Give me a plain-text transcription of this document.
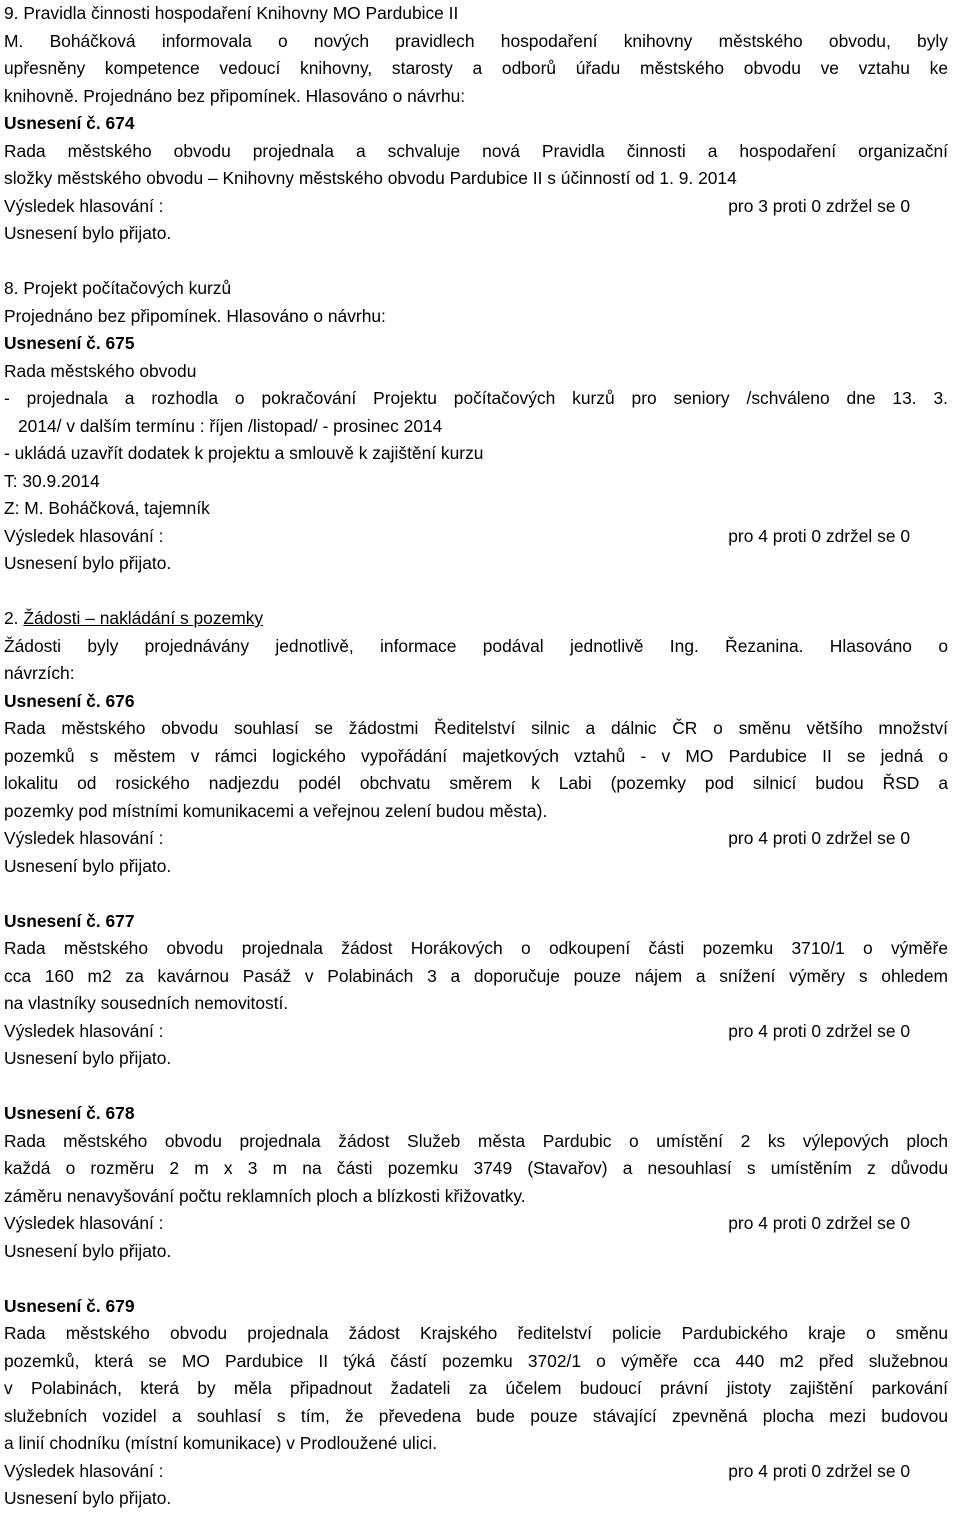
9. Pravidla činnosti hospodaření Knihovny MO Pardubice II
M. Boháčková informovala o nových pravidlech hospodaření knihovny městského obvodu, byly
upřesněny kompetence vedoucí knihovny, starosty a odborů úřadu městského obvodu ve vztahu ke
knihovně. Projednáno bez připomínek. Hlasováno o návrhu:
Usnesení č. 674
Rada městského obvodu projednala a schvaluje nová Pravidla činnosti a hospodaření organizační
složky městského obvodu – Knihovny městského obvodu Pardubice II s účinností od 1. 9. 2014
Výsledek hlasování :	pro 3 proti 0 zdržel se 0
Usnesení bylo přijato.
8. Projekt počítačových kurzů
Projednáno bez připomínek. Hlasováno o návrhu:
Usnesení č. 675
Rada městského obvodu
- projednala a rozhodla o pokračování Projektu počítačových kurzů pro seniory /schváleno dne 13. 3.
2014/ v dalším termínu : říjen /listopad/ - prosinec 2014
- ukládá uzavřít dodatek k projektu a smlouvě k zajištění kurzu
T: 30.9.2014
Z: M. Boháčková, tajemník
Výsledek hlasování :	pro 4 proti 0 zdržel se 0
Usnesení bylo přijato.
2. Žádosti – nakládání s pozemky
Žádosti byly projednávány jednotlivě, informace podával jednotlivě Ing. Řezanina. Hlasováno o
návrzích:
Usnesení č. 676
Rada městského obvodu souhlasí se žádostmi Ředitelství silnic a dálnic ČR o směnu většího množství
pozemků s městem v rámci logického vypořádání majetkových vztahů - v MO Pardubice II se jedná o
lokalitu od rosického nadjezdu podél obchvatu směrem k Labi (pozemky pod silnicí budou ŘSD a
pozemky pod místními komunikacemi a veřejnou zelení budou města).
Výsledek hlasování :	pro 4 proti 0 zdržel se 0
Usnesení bylo přijato.
Usnesení č. 677
Rada městského obvodu projednala žádost Horákových o odkoupení části pozemku 3710/1 o výměře
cca 160 m2 za kavárnou Pasáž v Polabinách 3 a doporučuje pouze nájem a snížení výměry s ohledem
na vlastníky sousedních nemovitostí.
Výsledek hlasování :	pro 4 proti 0 zdržel se 0
Usnesení bylo přijato.
Usnesení č. 678
Rada městského obvodu projednala žádost Služeb města Pardubic o umístění 2 ks výlepových ploch
každá o rozměru 2 m x 3 m na části pozemku 3749 (Stavařov) a nesouhlasí s umístěním z důvodu
záměru nenavyšování počtu reklamních ploch a blízkosti křižovatky.
Výsledek hlasování :	pro 4 proti 0 zdržel se 0
Usnesení bylo přijato.
Usnesení č. 679
Rada městského obvodu projednala žádost Krajského ředitelství policie Pardubického kraje o směnu
pozemků, která se MO Pardubice II týká částí pozemku 3702/1 o výměře cca 440 m2 před služebnou
v Polabinách, která by měla připadnout žadateli za účelem budoucí právní jistoty zajištění parkování
služebních vozidel a souhlasí s tím, že převedena bude pouze stávající zpevněná plocha mezi budovou
a linií chodníku (místní komunikace) v Prodloužené ulici.
Výsledek hlasování :	pro 4 proti 0 zdržel se 0
Usnesení bylo přijato.
